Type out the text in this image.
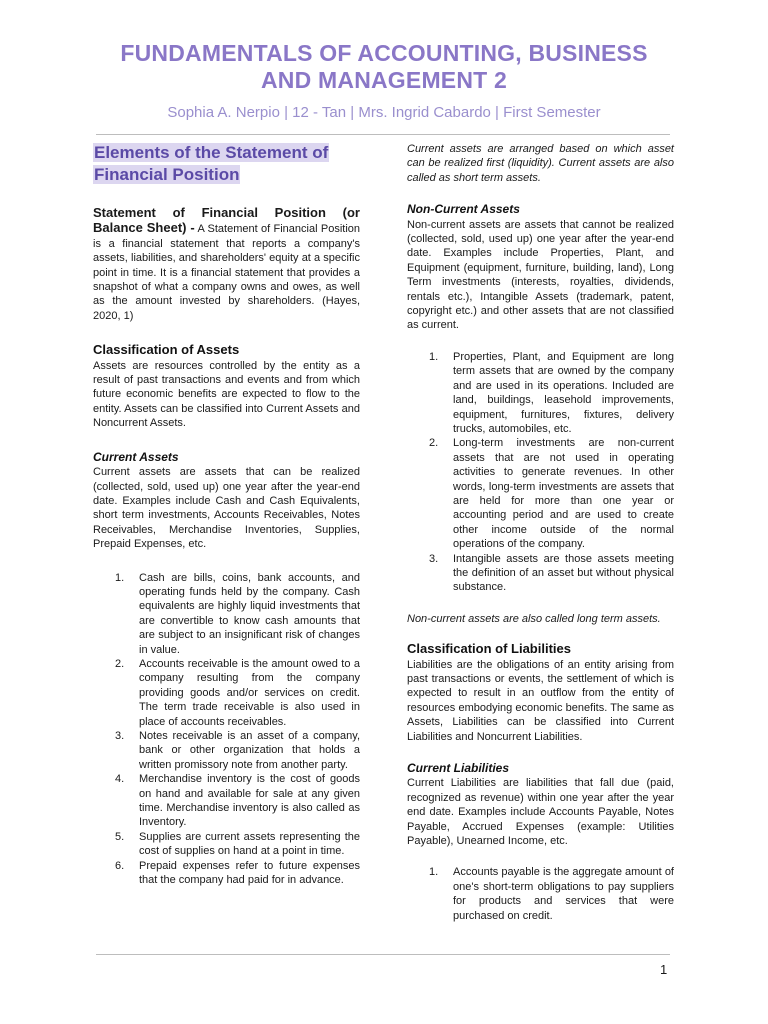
FUNDAMENTALS OF ACCOUNTING, BUSINESS
AND MANAGEMENT 2
Sophia A. Nerpio | 12 - Tan | Mrs. Ingrid Cabardo | First Semester
Elements of the Statement of
Financial Position

Statement of Financial Position (or Balance Sheet) - A Statement of Financial Position is a financial statement that reports a company's assets, liabilities, and shareholders' equity at a specific point in time. It is a financial statement that provides a snapshot of what a company owns and owes, as well as the amount invested by shareholders. (Hayes, 2020, 1)

Classification of Assets

Assets are resources controlled by the entity as a result of past transactions and events and from which future economic benefits are expected to flow to the entity. Assets can be classified into Current Assets and Noncurrent Assets.

Current Assets

Current assets are assets that can be realized (collected, sold, used up) one year after the year-end date. Examples include Cash and Cash Equivalents, short term investments, Accounts Receivables, Notes Receivables, Merchandise Inventories, Supplies, Prepaid Expenses, etc.

1. Cash are bills, coins, bank accounts, and operating funds held by the company. Cash equivalents are highly liquid investments that are convertible to know cash amounts that are subject to an insignificant risk of changes in value.
2. Accounts receivable is the amount owed to a company resulting from the company providing goods and/or services on credit. The term trade receivable is also used in place of accounts receivables.
3. Notes receivable is an asset of a company, bank or other organization that holds a written promissory note from another party.
4. Merchandise inventory is the cost of goods on hand and available for sale at any given time. Merchandise inventory is also called as Inventory.
5. Supplies are current assets representing the cost of supplies on hand at a point in time.
6. Prepaid expenses refer to future expenses that the company had paid for in advance.

Current assets are arranged based on which asset can be realized first (liquidity). Current assets are also called as short term assets.

Non-Current Assets

Non-current assets are assets that cannot be realized (collected, sold, used up) one year after the year-end date. Examples include Properties, Plant, and Equipment (equipment, furniture, building, land), Long Term investments (interests, royalties, dividends, rentals etc.), Intangible Assets (trademark, patent, copyright etc.) and other assets that are not classified as current.

1. Properties, Plant, and Equipment are long term assets that are owned by the company and are used in its operations. Included are land, buildings, leasehold improvements, equipment, furnitures, fixtures, delivery trucks, automobiles, etc.
2. Long-term investments are non-current assets that are not used in operating activities to generate revenues. In other words, long-term investments are assets that are held for more than one year or accounting period and are used to create other income outside of the normal operations of the company.
3. Intangible assets are those assets meeting the definition of an asset but without physical substance.

Non-current assets are also called long term assets.

Classification of Liabilities

Liabilities are the obligations of an entity arising from past transactions or events, the settlement of which is expected to result in an outflow from the entity of resources embodying economic benefits. The same as Assets, Liabilities can be classified into Current Liabilities and Noncurrent Liabilities.

Current Liabilities

Current Liabilities are liabilities that fall due (paid, recognized as revenue) within one year after the year end date. Examples include Accounts Payable, Notes Payable, Accrued Expenses (example: Utilities Payable), Unearned Income, etc.

1. Accounts payable is the aggregate amount of one's short-term obligations to pay suppliers for products and services that were purchased on credit.
1
